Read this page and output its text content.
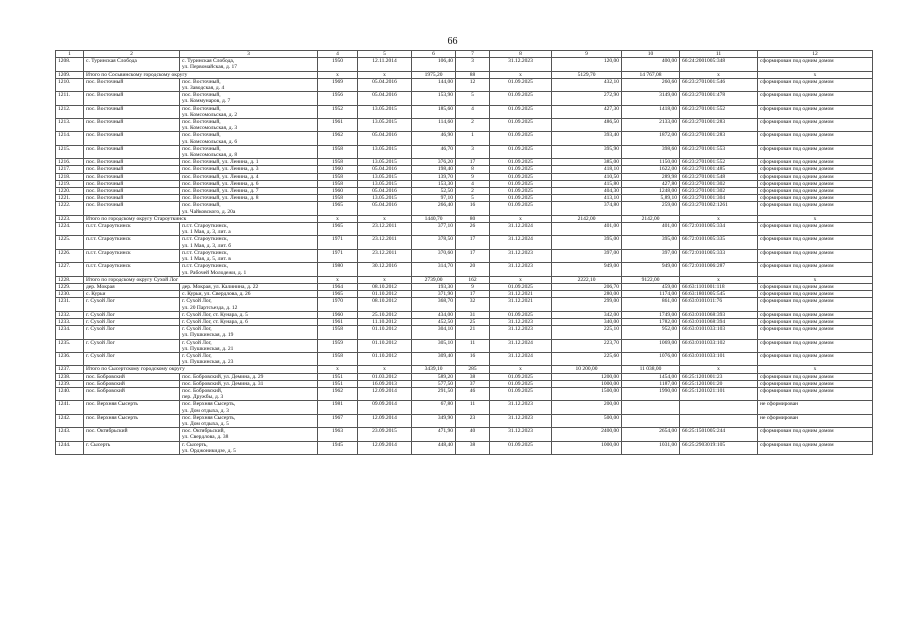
66
1	2	3	4	5	6	7	8	9	10	11	12
1208.	с. Туринская Слобода	с. Туринская Слобода,
ул. Первомайская, д. 17	1950	12.11.2014	106,40	3	31.12.2023	120,00	400,00	66:24:2001005:348	сформирован под одним домом
1209.	Итого по Сосьвинскому городскому округу		x	x	1975,20	88	x	5129,70	14 767,08	x	x
1210.	пос. Восточный	пос. Восточный,
ул. Заводская, д. 4	1969	05.04.2016	144,00	12	01.09.2025	432,10	260,60	66:23:2701001:546	сформирован под одним домом
1211.	пос. Восточный	пос. Восточный,
ул. Коммунаров, д. 7	1956	05.04.2016	153,90	5	01.09.2025	272,90	3149,00	66:23:2701001:478	сформирован под одним домом
1212.	пос. Восточный	пос. Восточный,
ул. Комсомольская, д. 2	1952	13.05.2015	185,60	4	01.09.2025	427,30	1418,00	66:23:2701001:552	сформирован под одним домом
1213.	пос. Восточный	пос. Восточный,
ул. Комсомольская, д. 3	1961	13.05.2015	114,60	2	01.09.2025	486,50	2133,00	66:23:2701001:283	сформирован под одним домом
1214.	пос. Восточный	пос. Восточный,
ул. Комсомольская, д. 6	1962	05.04.2016	46,90	1	01.09.2025	393,40	1872,00	66:23:2701001:283	сформирован под одним домом
1215.	пос. Восточный	пос. Восточный,
ул. Комсомольская, д. 8	1958	13.05.2015	46,70	3	01.09.2025	395,90	398,60	66:23:2701001:553	сформирован под одним домом
1216.	пос. Восточный	пос. Восточный, ул. Ленина, д. 1	1958	13.05.2015	376,20	17	01.09.2025	385,00	1150,00	66:23:2701001:552	сформирован под одним домом
1217.	пос. Восточный	пос. Восточный, ул. Ленина, д. 3	1960	05.04.2016	198,40	8	01.09.2025	418,10	1622,00	66:23:2701001:485	сформирован под одним домом
1218.	пос. Восточный	пос. Восточный, ул. Ленина, д. 4	1958	13.05.2015	139,70	9	01.09.2025	410,50	289,98	66:23:2701001:548	сформирован под одним домом
1219.	пос. Восточный	пос. Восточный, ул. Ленина, д. 6	1958	13.05.2015	153,30	4	01.09.2025	415,80	427,80	66:23:2701001:302	сформирован под одним домом
1220.	пос. Восточный	пос. Восточный, ул. Ленина, д. 7	1960	05.04.2016	52,50	2	01.09.2025	404,30	1248,00	66:23:2701001:302	сформирован под одним домом
1221.	пос. Восточный	пос. Восточный, ул. Ленина, д. 8	1958	13.05.2015	97,10	5	01.09.2025	413,10	5,89,10	66:23:2701001:304	сформирован под одним домом
1222.	пос. Восточный	пос. Восточный,
ул. Чайковского, д. 20а	1965	05.04.2016	266,40	16	01.09.2025	374,80	259,00	66:23:2701002:1261	сформирован под одним домом
1223.	Итого по городскому округу Староуткинск		x	x	1440,70	80	x	2142,00	2142,00	x	x
1224.	п.г.т. Староуткинск	п.г.т. Староуткинск,
ул. 1 Мая, д. 3, лит. а	1965	23.12.2011	377,10	26	31.12.2024	401,00	401,00	66:72:0101005:334	сформирован под одним домом
1225.	п.г.т. Староуткинск	п.г.т. Староуткинск,
ул. 1 Мая, д. 3, лит. б	1971	23.12.2011	378,50	17	31.12.2024	395,00	395,00	66:72:0101005:335	сформирован под одним домом
1226.	п.г.т. Староуткинск	п.г.т. Староуткинск,
ул. 1 Мая, д. 5, лит. в	1971	23.12.2011	370,60	17	31.12.2023	397,00	397,00	66:72:0101005:333	сформирован под одним домом
1227.	п.г.т. Староуткинск	п.г.т. Староуткинск,
ул. Рабочей Молодежи, д. 1	1980	30.12.2016	314,70	20	31.12.2023	949,00	949,00	66:72:0101006:287	сформирован под одним домом
1228.	Итого по городскому округу Сухой Лог		x	x	2739,00	162	x	2222,10	9122,00	x	x
1229.	дер. Мокрая	дер. Мокрая, ул. Калинина, д. 22	1964	08.10.2012	193,30	9	01.09.2025	206,70	459,00	66:63:1101001:118	сформирован под одним домом
1230.	с. Курьи	с. Курьи, ул. Свердлова, д. 26	1965	01.10.2012	371,90	17	31.12.2021	280,00	1174,00	66:63:1801005:545	сформирован под одним домом
1231.	г. Сухой Лог	г. Сухой Лог,
ул. 20 Партсъезда, д. 12	1970	08.10.2012	368,70	32	31.12.2021	299,00	861,00	66:63:0101011:76	сформирован под одним домом
1232.	г. Сухой Лог	г. Сухой Лог, ст. Кунара, д. 5	1960	25.10.2012	434,00	31	01.09.2025	342,00	1749,00	66:63:0101068:393	сформирован под одним домом
1233.	г. Сухой Лог	г. Сухой Лог, ст. Кунара, д. 6	1961	11.10.2012	452,50	25	31.12.2023	340,00	1782,00	66:63:0101068:394	сформирован под одним домом
1234.	г. Сухой Лог	г. Сухой Лог,
ул. Пушкинская, д. 19	1958	01.10.2012	304,10	21	31.12.2023	225,10	952,00	66:63:0101033:103	сформирован под одним домом
1235.	г. Сухой Лог	г. Сухой Лог,
ул. Пушкинская, д. 21	1959	01.10.2012	305,10	11	31.12.2024	223,70	1069,00	66:63:0101033:102	сформирован под одним домом
1236.	г. Сухой Лог	г. Сухой Лог,
ул. Пушкинская, д. 23	1958	01.10.2012	309,40	16	31.12.2024	225,60	1076,00	66:63:0101033:101	сформирован под одним домом
1237.	Итого по Сысертскому городскому округу		x	x	3439,10	285	x	10 200,00	11 038,00	x	x
1238.	пос. Бобровский	пос. Бобровский, ул. Демина, д. 29	1951	01.03.2012	589,20	38	01.09.2025	1200,00	1454,00	66:25:1201001:23	сформирован под одним домом
1239.	пос. Бобровский	пос. Бобровский, ул. Демина, д. 31	1951	16.09.2013	577,50	37	01.09.2025	1000,00	1187,00	66:25:1201001:20	сформирован под одним домом
1240.	пос. Бобровский	пос. Бобровский,
пер. Дружбы, д. 3	1962	12.09.2014	291,50	46	01.09.2025	1500,00	1990,00	66:25:1201021:101	сформирован под одним домом
1241.	пос. Верхняя Сысерть	пос. Верхняя Сысерть,
ул. Дом отдыха, д. 3	1981	09.09.2014	67,80	11	31.12.2023	200,00			не сформирован
1242.	пос. Верхняя Сысерть	пос. Верхняя Сысерть,
ул. Дом отдыха, д. 5	1967	12.09.2014	349,90	23	31.12.2023	500,00			не сформирован
1243.	пос. Октябрьский	пос. Октябрьский,
ул. Свердлова, д. 38	1963	23.09.2015	471,90	40	31.12.2023	2400,00	2654,00	66:25:1501005:244	сформирован под одним домом
1244.	г. Сысерть	г. Сысерть,
ул. Орджоникидзе, д. 5	1945	12.09.2014	448,40	38	01.09.2025	1000,00	1031,00	66:25:2903019:105	сформирован под одним домом
